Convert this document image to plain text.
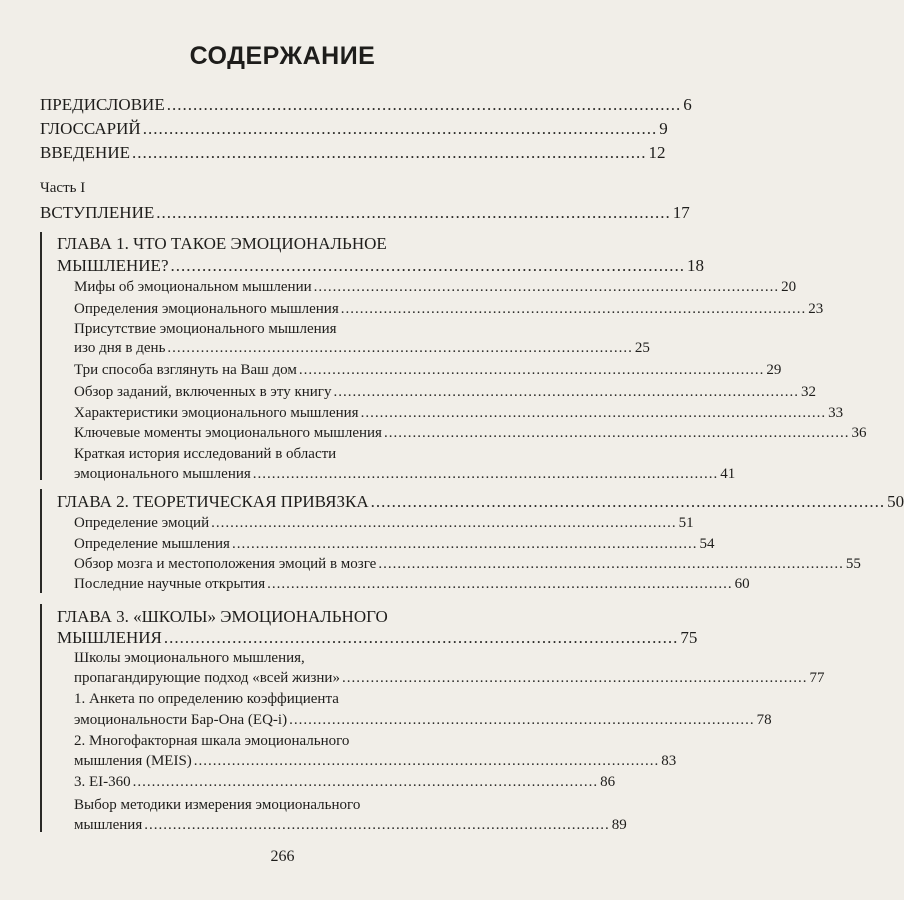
СОДЕРЖАНИЕ
ПРЕДИСЛОВИЕ .................................................................................................. 6
ГЛОССАРИЙ .................................................................................................. 9
ВВЕДЕНИЕ .................................................................................................. 12
Часть I
ВСТУПЛЕНИЕ .................................................................................................. 17
ГЛАВА 1. ЧТО ТАКОЕ ЭМОЦИОНАЛЬНОЕ
МЫШЛЕНИЕ? .................................................................................................. 18
Мифы об эмоциональном мышлении .................................................................................................. 20
Определения эмоционального мышления .................................................................................................. 23
Присутствие эмоционального мышления
изо дня в день .................................................................................................. 25
Три способа взглянуть на Ваш дом .................................................................................................. 29
Обзор заданий, включенных в эту книгу .................................................................................................. 32
Характеристики эмоционального мышления .................................................................................................. 33
Ключевые моменты эмоционального мышления .................................................................................................. 36
Краткая история исследований в области
эмоционального мышления .................................................................................................. 41
ГЛАВА 2. ТЕОРЕТИЧЕСКАЯ ПРИВЯЗКА .................................................................................................. 50
Определение эмоций .................................................................................................. 51
Определение мышления .................................................................................................. 54
Обзор мозга и местоположения эмоций в мозге .................................................................................................. 55
Последние научные открытия .................................................................................................. 60
ГЛАВА 3. «ШКОЛЫ» ЭМОЦИОНАЛЬНОГО
МЫШЛЕНИЯ .................................................................................................. 75
Школы эмоционального мышления,
пропагандирующие подход «всей жизни» .................................................................................................. 77
1. Анкета по определению коэффициента
эмоциональности Бар-Она (EQ-i) .................................................................................................. 78
2. Многофакторная шкала эмоционального
мышления (MEIS) .................................................................................................. 83
3. EI-360 .................................................................................................. 86
Выбор методики измерения эмоционального
мышления .................................................................................................. 89
266
